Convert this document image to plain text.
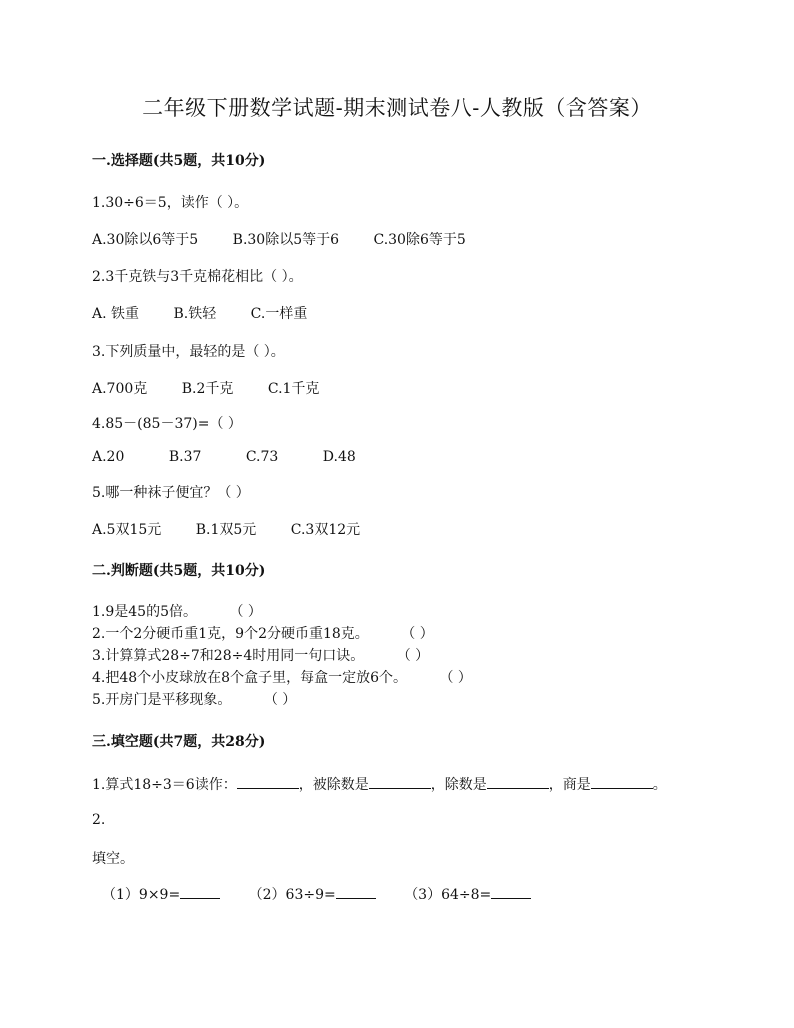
二年级下册数学试题-期末测试卷八-人教版（含答案）
一.选择题(共5题，共10分)
1.30÷6＝5，读作（ ）。
A.30除以6等于5 B.30除以5等于6 C.30除6等于5
2.3千克铁与3千克棉花相比（ ）。
A. 铁重 B.铁轻 C.一样重
3.下列质量中，最轻的是（ ）。
A.700克 B.2千克 C.1千克
4.85－(85－37)=（ ）
A.20	B.37	C.73	D.48
5.哪一种袜子便宜？（ ）
A.5双15元 B.1双5元 C.3双12元
二.判断题(共5题，共10分)
1.9是45的5倍。 （ ）
2.一个2分硬币重1克，9个2分硬币重18克。 （ ）
3.计算算式28÷7和28÷4时用同一句口诀。 （ ）
4.把48个小皮球放在8个盒子里，每盒一定放6个。 （ ）
5.开房门是平移现象。 （ ）
三.填空题(共7题，共28分)
1.算式18÷3＝6读作：	，被除数是	，除数是	，商是	。
2.
填空。
（1）9×9=	（2）63÷9=	（3）64÷8=
